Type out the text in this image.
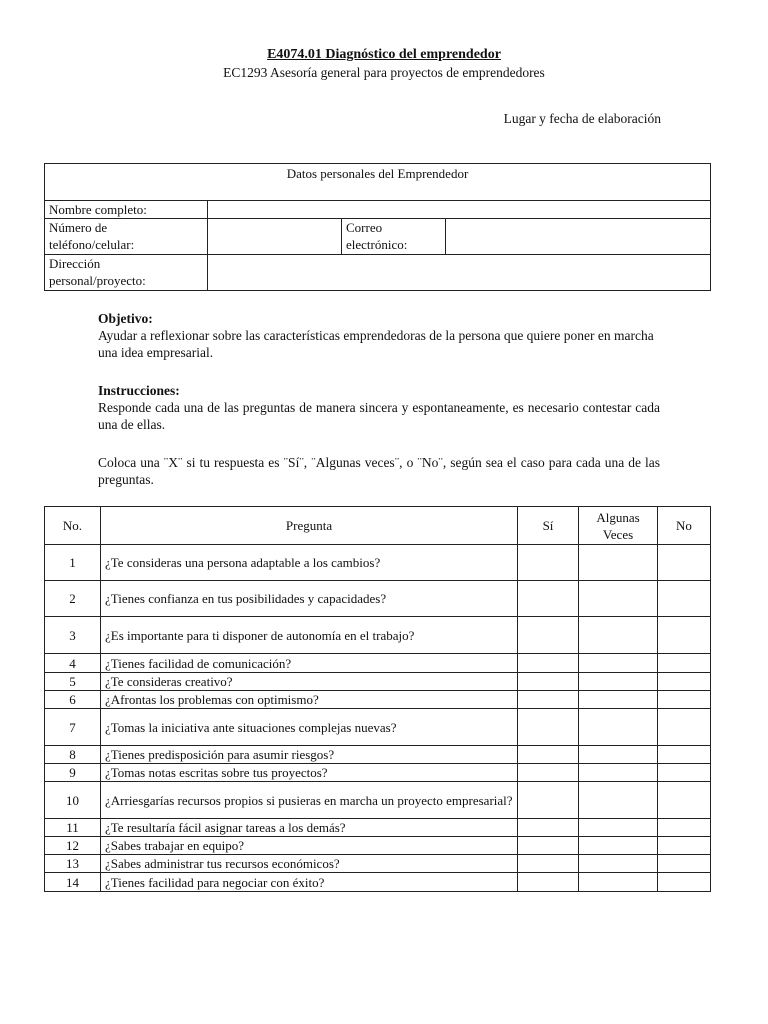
E4074.01 Diagnóstico del emprendedor
EC1293 Asesoría general para proyectos de emprendedores
Lugar y fecha de elaboración
Datos personales del Emprendedor			
Nombre completo:			
Número de
teléfono/celular:		Correo
electrónico:	
Dirección
personal/proyecto:			
Objetivo:
Ayudar a reflexionar sobre las características emprendedoras de la persona que quiere poner en marcha una idea empresarial.
Instrucciones:
Responde cada una de las preguntas de manera sincera y espontaneamente, es necesario contestar cada una de ellas.
Coloca una ¨X¨ si tu respuesta es ¨Sí¨, ¨Algunas veces¨, o ¨No¨, según sea el caso para cada una de las preguntas.
No.	Pregunta	Sí	Algunas
Veces	No
1	¿Te consideras una persona adaptable a los cambios?			
2	¿Tienes confianza en tus posibilidades y capacidades?			
3	¿Es importante para ti disponer de autonomía en el trabajo?			
4	¿Tienes facilidad de comunicación?			
5	¿Te consideras creativo?			
6	¿Afrontas los problemas con optimismo?			
7	¿Tomas la iniciativa ante situaciones complejas nuevas?			
8	¿Tienes predisposición para asumir riesgos?			
9	¿Tomas notas escritas sobre tus proyectos?			
10	¿Arriesgarías recursos propios si pusieras en marcha un proyecto empresarial?			
11	¿Te resultaría fácil asignar tareas a los demás?			
12	¿Sabes trabajar en equipo?			
13	¿Sabes administrar tus recursos económicos?			
14	¿Tienes facilidad para negociar con éxito?			
